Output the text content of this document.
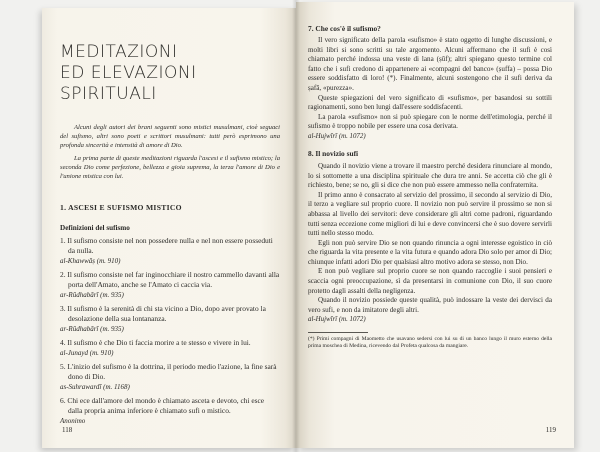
MEDITAZIONI
ED ELEVAZIONI SPIRITUALI

Alcuni degli autori dei brani seguenti sono mistici musulmani, cioè seguaci del sufismo, altri sono poeti e scrittori musulmani: tutti però esprimono una profonda sincerità e intensità di amore di Dio.

La prima parte di queste meditazioni riguarda l'ascesi e il sufismo mistico; la seconda Dio come perfezione, bellezza e gioia suprema, la terza l'amore di Dio e l'unione mistica con lui.

1. ASCESI E SUFISMO MISTICO
Definizioni del sufismo
1. Il sufismo consiste nel non possedere nulla e nel non essere posseduti da nulla.
al-Khawwāṣ (m. 910)
2. Il sufismo consiste nel far inginocchiare il nostro cammello davanti alla porta dell'Amato, anche se l'Amato ci caccia via.
ar-Rūdhabārī (m. 935)
3. Il sufismo è la serenità di chi sta vicino a Dio, dopo aver provato la desolazione della sua lontananza.
ar-Rūdhabārī (m. 935)
4. Il sufismo è che Dio ti faccia morire a te stesso e vivere in lui.
al-Junayd (m. 910)
5. L'inizio del sufismo è la dottrina, il periodo medio l'azione, la fine sarà dono di Dio.
as-Suhrawardī (m. 1168)
6. Chi ece dall'amore del mondo è chiamato asceta e devoto, chi esce dalla propria anima inferiore è chiamato sufi o mistico.
Anonimo
118
7. Che cos'è il sufismo?

Il vero significato della parola «sufismo» è stato oggetto di lunghe discussioni, e molti libri si sono scritti su tale argomento. Alcuni affermano che il sufi è così chiamato perché indossa una veste di lana (ṣūf); altri spiegano questo termine col fatto che i sufi credono di appartenere ai «compagni del banco» (ṣuffa) – possa Dio essere soddisfatto di loro! (*). Finalmente, alcuni sostengono che il sufi deriva da ṣafā, «purezza».

Queste spiegazioni del vero significato di «sufismo», per basandosi su sottili ragionamenti, sono ben lungi dall'essere soddisfacenti.

La parola «sufismo» non si può spiegare con le norme dell'etimologia, perché il sufismo è troppo nobile per essere una cosa derivata.

al-Hujwīrī (m. 1072)
8. Il novizio sufi

Quando il novizio viene a trovare il maestro perché desidera rinunciare al mondo, lo si sottomette a una disciplina spirituale che dura tre anni. Se accetta ciò che gli è richiesto, bene; se no, gli si dice che non può essere ammesso nella confraternita.

Il primo anno è consacrato al servizio del prossimo, il secondo al servizio di Dio, il terzo a vegliare sul proprio cuore. Il novizio non può servire il prossimo se non si abbassa al livello dei servitori: deve considerare gli altri come padroni, riguardando tutti senza eccezione come migliori di lui e deve convincersi che è suo dovere servirli tutti nello stesso modo.

Egli non può servire Dio se non quando rinuncia a ogni interesse egoistico in ciò che riguarda la vita presente e la vita futura e quando adora Dio solo per amor di Dio; chiunque infatti adori Dio per qualsiasi altro motivo adora se stesso, non Dio.

E non può vegliare sul proprio cuore se non quando raccoglie i suoi pensieri e scaccia ogni preoccupazione, sì da presentarsi in comunione con Dio, il suo cuore protetto dagli assalti della negligenza.

Quando il novizio possiede queste qualità, può indossare la veste dei dervisci da vero sufi, e non da imitatore degli altri.

al-Hujwīrī (m. 1072)
(*) Primi compagni di Maometto che usavano sedersi con lui su di un banco lungo il muro esterno della prima moschea di Medina, ricevendo dal Profeta qualcosa da mangiare.
119
